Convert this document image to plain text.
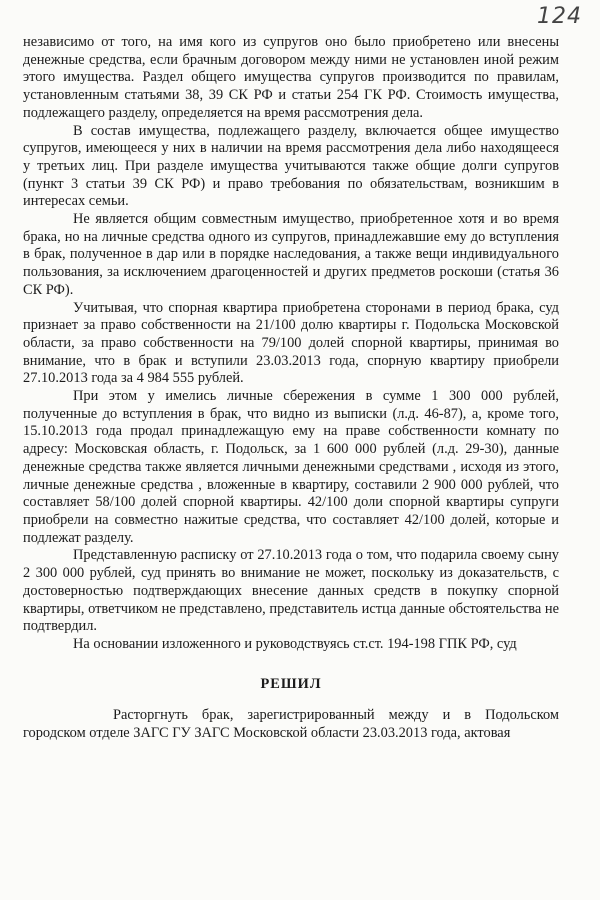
124

независимо от того, на имя кого из супругов оно было приобретено или внесены денежные средства, если брачным договором между ними не установлен иной режим этого имущества. Раздел общего имущества супругов производится по правилам, установленным статьями 38, 39 СК РФ и статьи 254 ГК РФ. Стоимость имущества, подлежащего разделу, определяется на время рассмотрения дела.

В состав имущества, подлежащего разделу, включается общее имущество супругов, имеющееся у них в наличии на время рассмотрения дела либо находящееся у третьих лиц. При разделе имущества учитываются также общие долги супругов (пункт 3 статьи 39 СК РФ) и право требования по обязательствам, возникшим в интересах семьи.

Не является общим совместным имущество, приобретенное хотя и во время брака, но на личные средства одного из супругов, принадлежавшие ему до вступления в брак, полученное в дар или в порядке наследования, а также вещи индивидуального пользования, за исключением драгоценностей и других предметов роскоши (статья 36 СК РФ).

Учитывая, что спорная квартира приобретена сторонами в период брака, суд признает за право собственности на 21/100 долю квартиры г. Подольска Московской области, за право собственности на 79/100 долей спорной квартиры, принимая во внимание, что в брак и вступили 23.03.2013 года, спорную квартиру приобрели 27.10.2013 года за 4 984 555 рублей.

При этом у имелись личные сбережения в сумме 1 300 000 рублей, полученные до вступления в брак, что видно из выписки (л.д. 46-87), а, кроме того, 15.10.2013 года продал принадлежащую ему на праве собственности комнату по адресу: Московская область, г. Подольск, за 1 600 000 рублей (л.д. 29-30), данные денежные средства также является личными денежными средствами , исходя из этого, личные денежные средства , вложенные в квартиру, составили 2 900 000 рублей, что составляет 58/100 долей спорной квартиры. 42/100 доли спорной квартиры супруги приобрели на совместно нажитые средства, что составляет 42/100 долей, которые и подлежат разделу.

Представленную расписку от 27.10.2013 года о том, что подарила своему сыну 2 300 000 рублей, суд принять во внимание не может, поскольку из доказательств, с достоверностью подтверждающих внесение данных средств в покупку спорной квартиры, ответчиком не представлено, представитель истца данные обстоятельства не подтвердил.

На основании изложенного и руководствуясь ст.ст. 194-198 ГПК РФ, суд

РЕШИЛ

Расторгнуть брак, зарегистрированный между и в Подольском городском отделе ЗАГС ГУ ЗАГС Московской области 23.03.2013 года, актовая
